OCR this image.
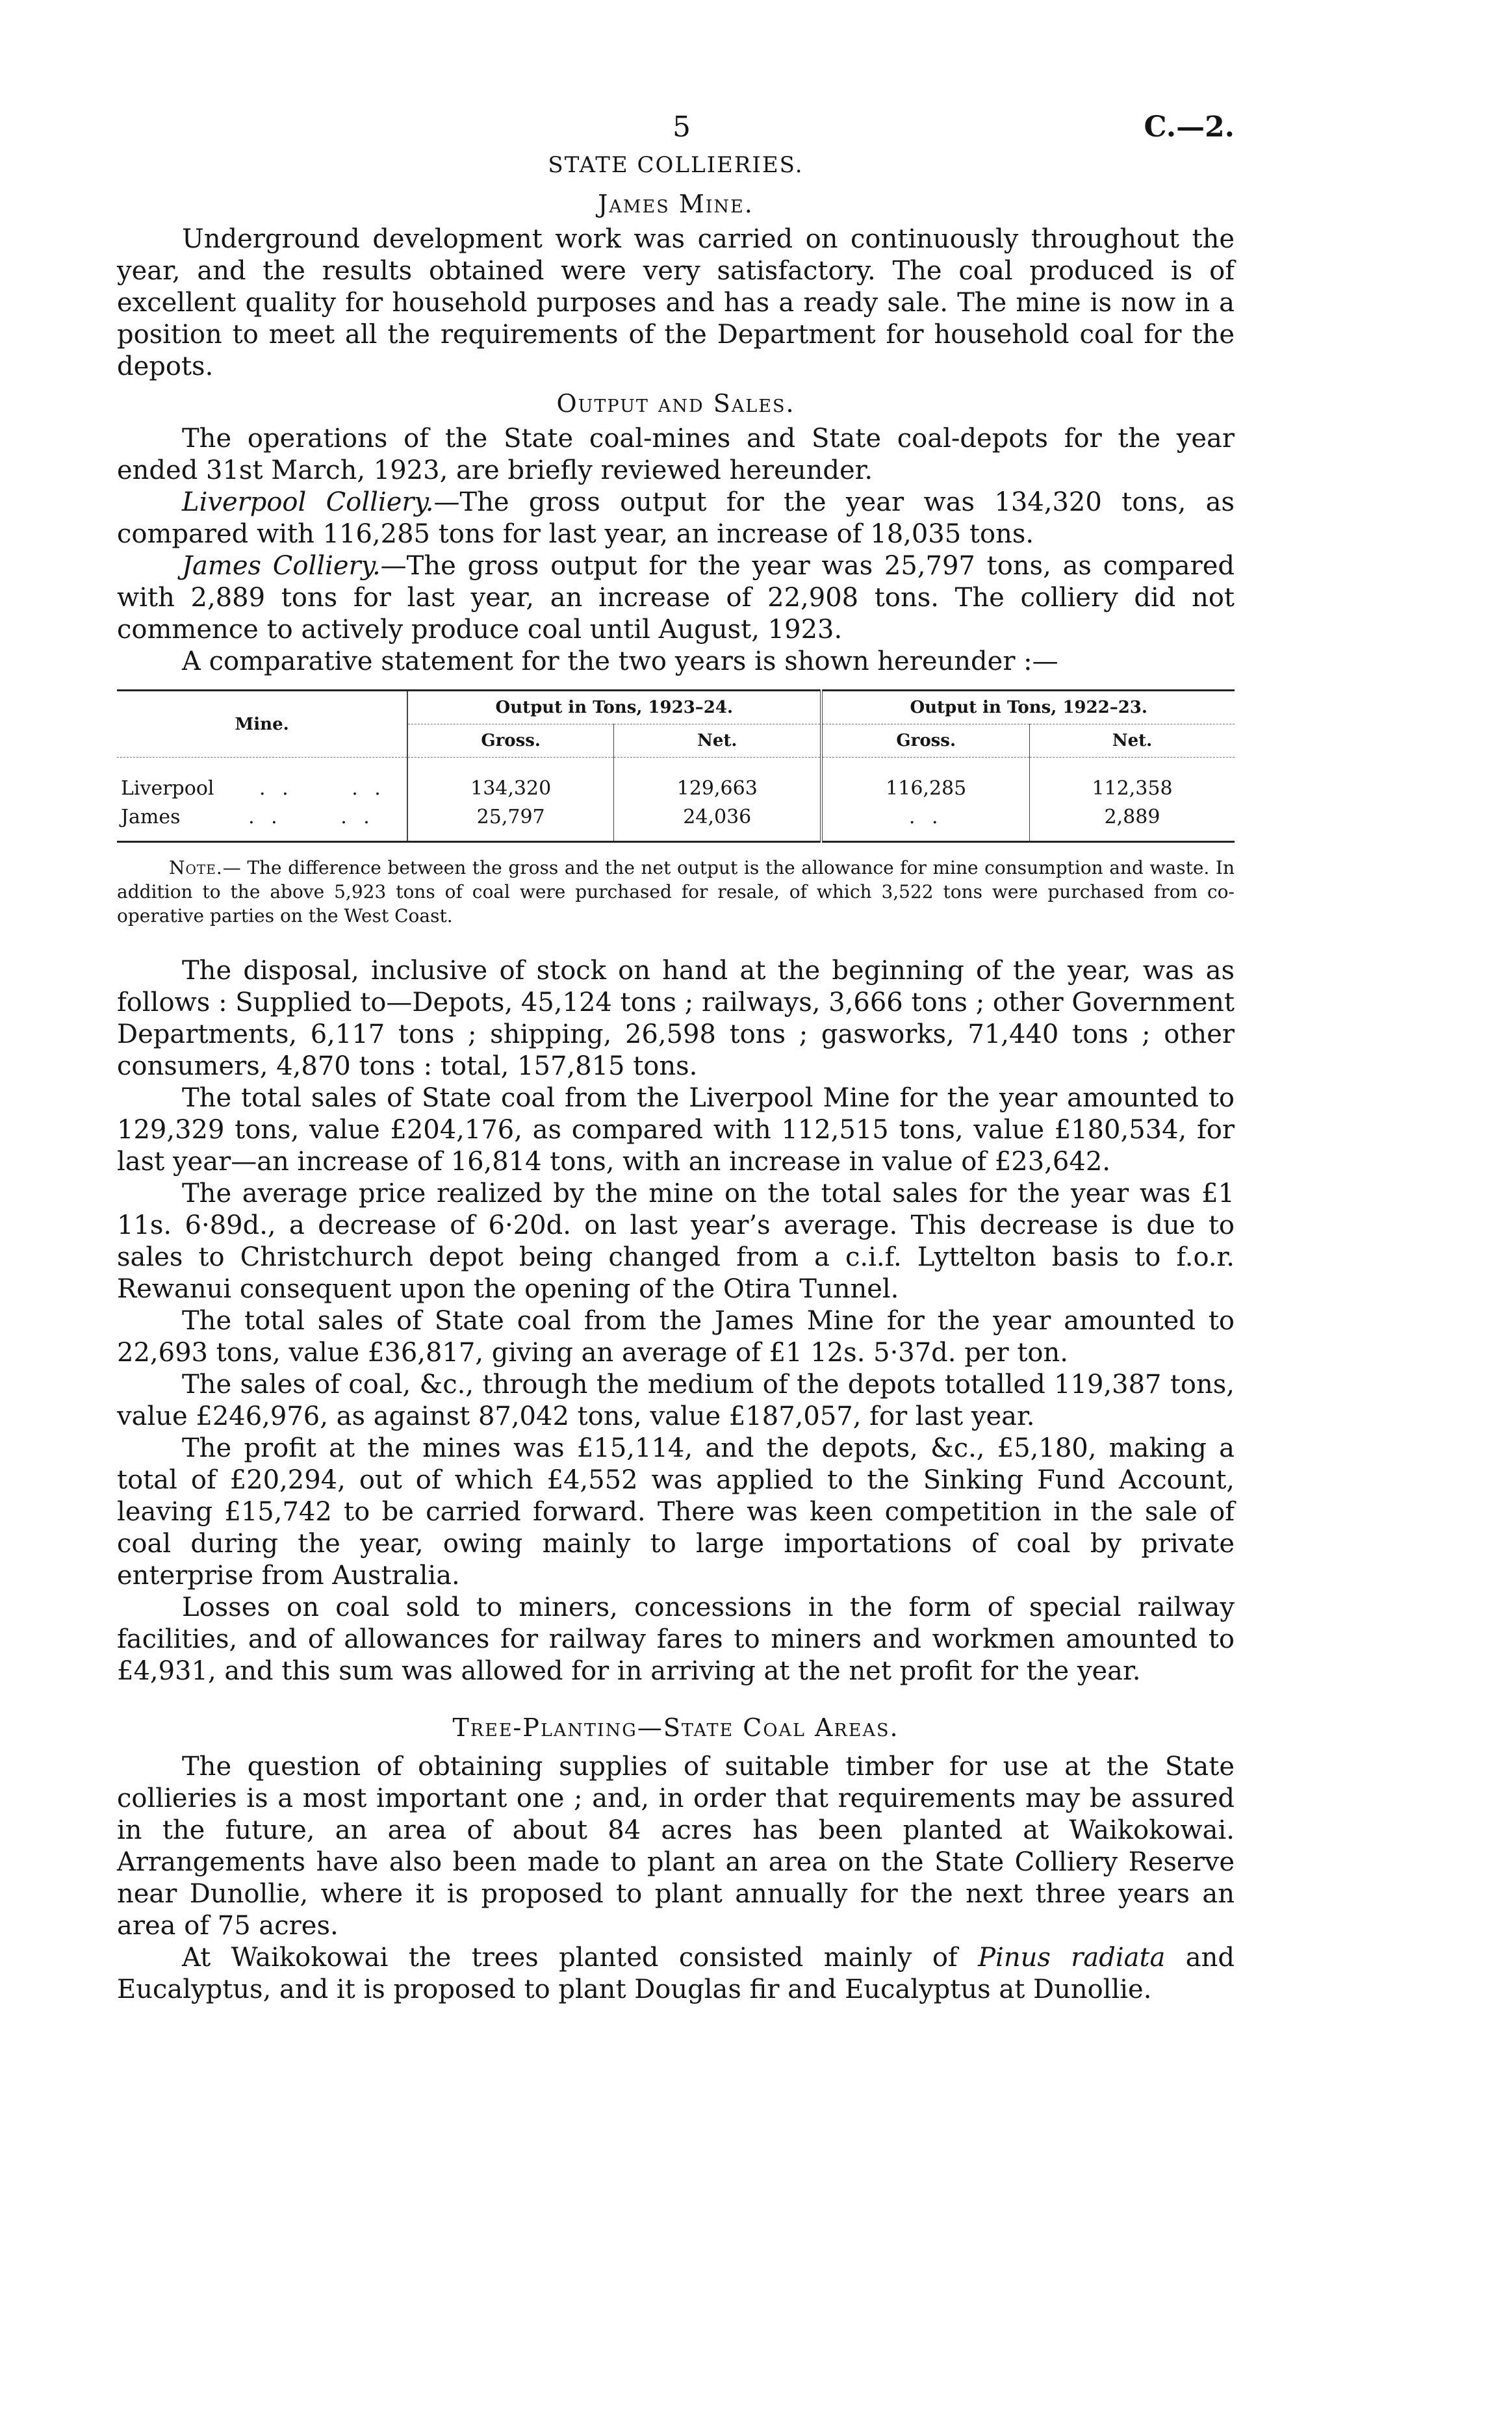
5	C.—2.
STATE COLLIERIES.
James Mine.

Underground development work was carried on continuously throughout the year, and the results obtained were very satisfactory. The coal produced is of excellent quality for household purposes and has a ready sale. The mine is now in a position to meet all the requirements of the Department for household coal for the depots.

Output and Sales.

The operations of the State coal-mines and State coal-depots for the year ended 31st March, 1923, are briefly reviewed hereunder.

Liverpool Colliery.—The gross output for the year was 134,320 tons, as compared with 116,285 tons for last year, an increase of 18,035 tons.

James Colliery.—The gross output for the year was 25,797 tons, as compared with 2,889 tons for last year, an increase of 22,908 tons. The colliery did not commence to actively produce coal until August, 1923.

A comparative statement for the two years is shown hereunder :—

Mine.	Output in Tons, 1923–24.		Output in Tons, 1922–23.	
	Gross.	Net.	Gross.	Net.
Liverpool . . . .	134,320	129,663	116,285	112,358
James . . . .	25,797	24,036	. .	2,889

Note.— The difference between the gross and the net output is the allowance for mine consumption and waste. In addition to the above 5,923 tons of coal were purchased for resale, of which 3,522 tons were purchased from co-operative parties on the West Coast.

The disposal, inclusive of stock on hand at the beginning of the year, was as follows : Supplied to—Depots, 45,124 tons ; railways, 3,666 tons ; other Government Departments, 6,117 tons ; shipping, 26,598 tons ; gasworks, 71,440 tons ; other consumers, 4,870 tons : total, 157,815 tons.

The total sales of State coal from the Liverpool Mine for the year amounted to 129,329 tons, value £204,176, as compared with 112,515 tons, value £180,534, for last year—an increase of 16,814 tons, with an increase in value of £23,642.

The average price realized by the mine on the total sales for the year was £1 11s. 6·89d., a decrease of 6·20d. on last year’s average. This decrease is due to sales to Christchurch depot being changed from a c.i.f. Lyttelton basis to f.o.r. Rewanui consequent upon the opening of the Otira Tunnel.

The total sales of State coal from the James Mine for the year amounted to 22,693 tons, value £36,817, giving an average of £1 12s. 5·37d. per ton.

The sales of coal, &c., through the medium of the depots totalled 119,387 tons, value £246,976, as against 87,042 tons, value £187,057, for last year.

The profit at the mines was £15,114, and the depots, &c., £5,180, making a total of £20,294, out of which £4,552 was applied to the Sinking Fund Account, leaving £15,742 to be carried forward. There was keen competition in the sale of coal during the year, owing mainly to large importations of coal by private enterprise from Australia.

Losses on coal sold to miners, concessions in the form of special railway facilities, and of allowances for railway fares to miners and workmen amounted to £4,931, and this sum was allowed for in arriving at the net profit for the year.

Tree-Planting—State Coal Areas.

The question of obtaining supplies of suitable timber for use at the State collieries is a most important one ; and, in order that requirements may be assured in the future, an area of about 84 acres has been planted at Waikokowai. Arrangements have also been made to plant an area on the State Colliery Reserve near Dunollie, where it is proposed to plant annually for the next three years an area of 75 acres.

At Waikokowai the trees planted consisted mainly of Pinus radiata and Eucalyptus, and it is proposed to plant Douglas fir and Eucalyptus at Dunollie.
